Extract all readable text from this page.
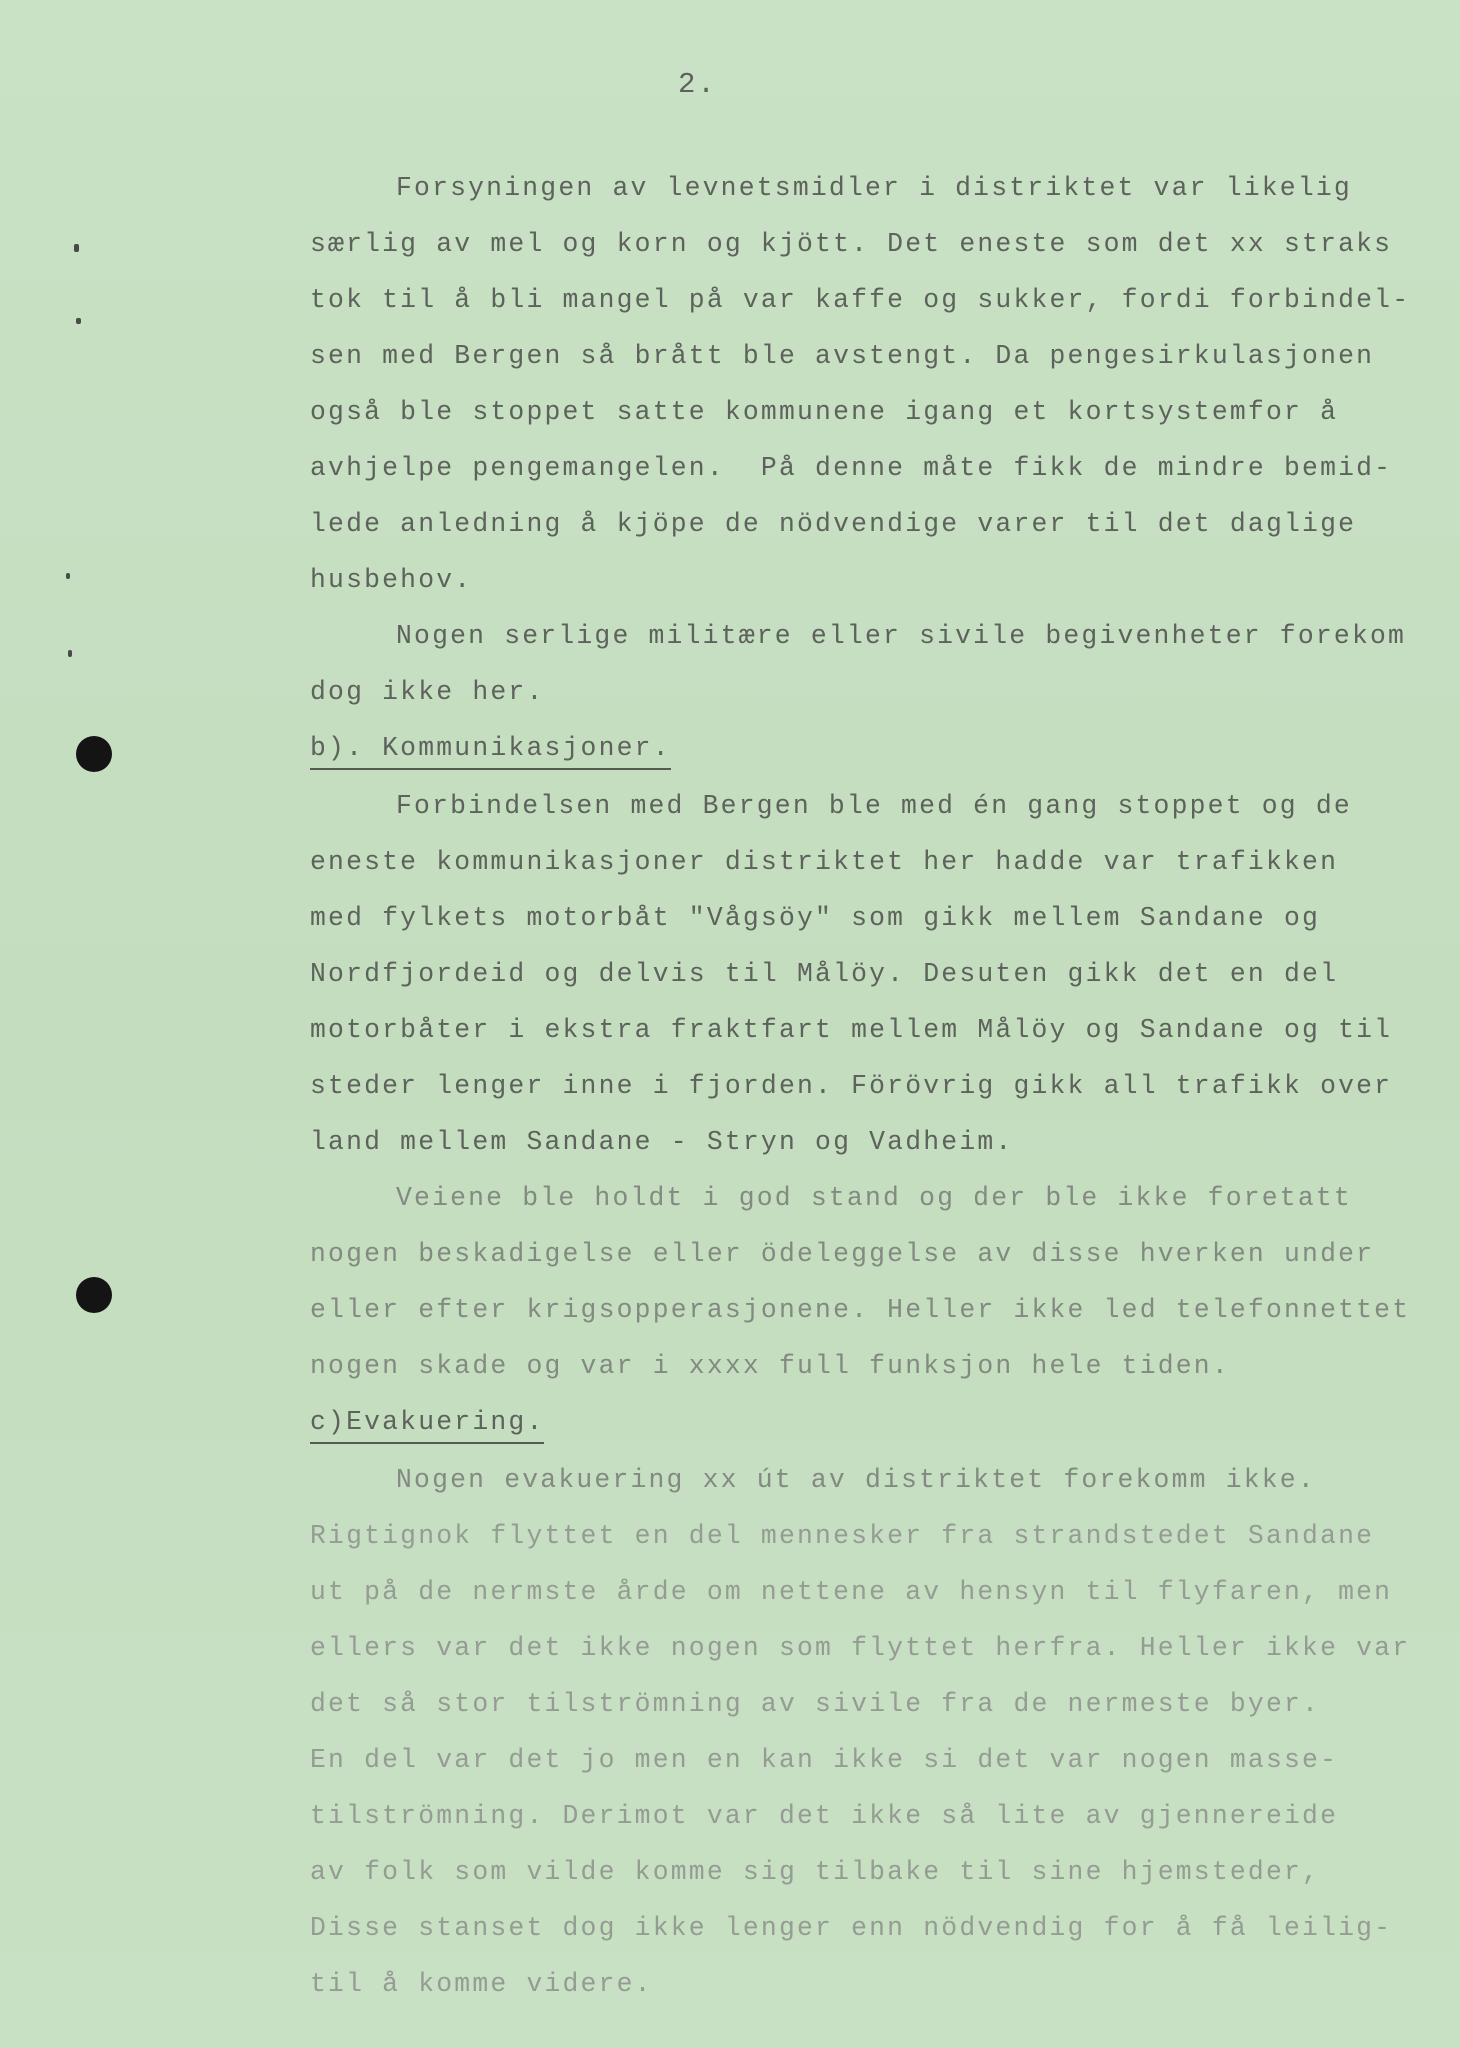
2.

Forsyningen av levnetsmidler i distriktet var likelig

særlig av mel og korn og kjött. Det eneste som det xx straks

tok til å bli mangel på var kaffe og sukker, fordi forbindel-

sen med Bergen så brått ble avstengt. Da pengesirkulasjonen

også ble stoppet satte kommunene igang et kortsystemfor å

avhjelpe pengemangelen.  På denne måte fikk de mindre bemid-

lede anledning å kjöpe de nödvendige varer til det daglige

husbehov.

Nogen serlige militære eller sivile begivenheter forekom

dog ikke her.

b). Kommunikasjoner.

Forbindelsen med Bergen ble med én gang stoppet og de

eneste kommunikasjoner distriktet her hadde var trafikken

med fylkets motorbåt "Vågsöy" som gikk mellem Sandane og

Nordfjordeid og delvis til Målöy. Desuten gikk det en del

motorbåter i ekstra fraktfart mellem Målöy og Sandane og til

steder lenger inne i fjorden. Förövrig gikk all trafikk over

land mellem Sandane - Stryn og Vadheim.

Veiene ble holdt i god stand og der ble ikke foretatt

nogen beskadigelse eller ödeleggelse av disse hverken under

eller efter krigsopperasjonene. Heller ikke led telefonnettet

nogen skade og var i xxxx full funksjon hele tiden.

c)Evakuering.

Nogen evakuering xx út av distriktet forekomm ikke.

Rigtignok flyttet en del mennesker fra strandstedet Sandane

ut på de nermste årde om nettene av hensyn til flyfaren, men

ellers var det ikke nogen som flyttet herfra. Heller ikke var

det så stor tilströmning av sivile fra de nermeste byer.

En del var det jo men en kan ikke si det var nogen masse-

tilströmning. Derimot var det ikke så lite av gjennereide

av folk som vilde komme sig tilbake til sine hjemsteder,

Disse stanset dog ikke lenger enn nödvendig for å få leilig-

til å komme videre.
